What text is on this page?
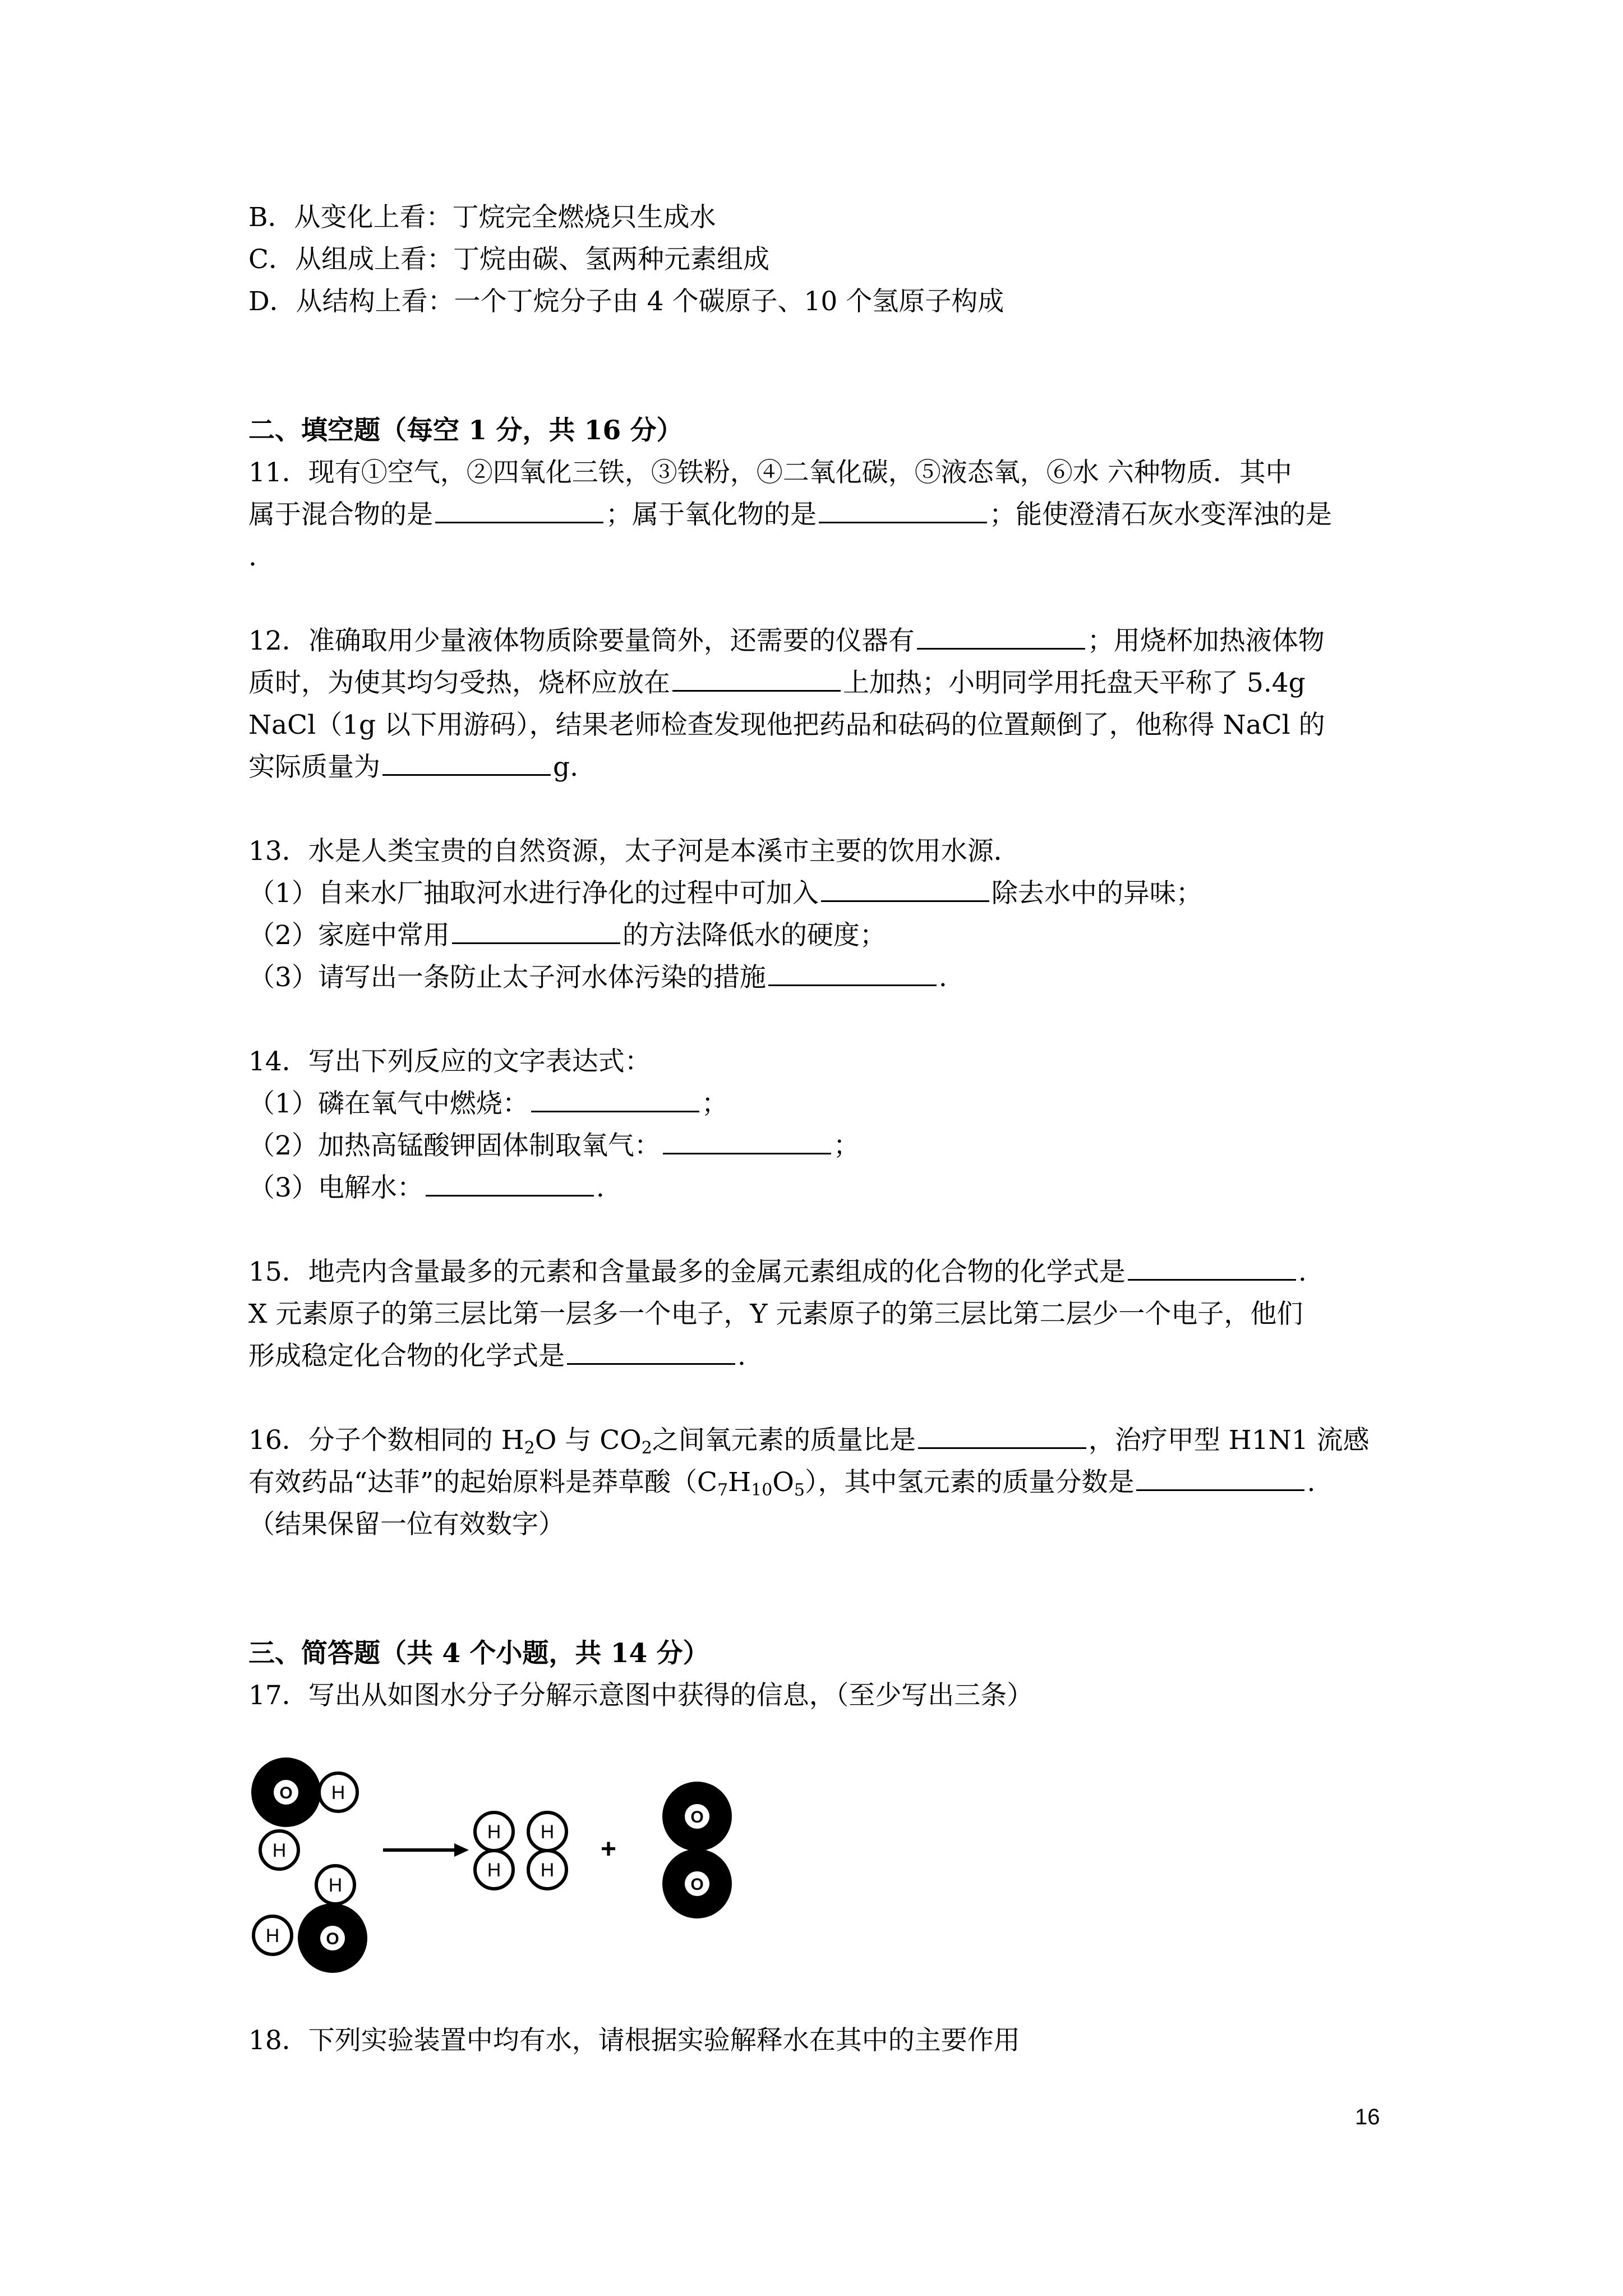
B．从变化上看：丁烷完全燃烧只生成水
C．从组成上看：丁烷由碳、氢两种元素组成
D．从结构上看：一个丁烷分子由 4 个碳原子、10 个氢原子构成
二、填空题（每空 1 分，共 16 分）
11．现有①空气，②四氧化三铁，③铁粉，④二氧化碳，⑤液态氧，⑥水 六种物质．其中
属于混合物的是	；属于氧化物的是	；能使澄清石灰水变浑浊的是
.
12．准确取用少量液体物质除要量筒外，还需要的仪器有	；用烧杯加热液体物
质时，为使其均匀受热，烧杯应放在	上加热；小明同学用托盘天平称了 5.4g
NaCl（1g 以下用游码），结果老师检查发现他把药品和砝码的位置颠倒了，他称得 NaCl 的
实际质量为	g.
13．水是人类宝贵的自然资源，太子河是本溪市主要的饮用水源．
（1）自来水厂抽取河水进行净化的过程中可加入	除去水中的异味；
（2）家庭中常用	的方法降低水的硬度；
（3）请写出一条防止太子河水体污染的措施	.
14．写出下列反应的文字表达式：
（1）磷在氧气中燃烧：	；
（2）加热高锰酸钾固体制取氧气：	；
（3）电解水：	.
15．地壳内含量最多的元素和含量最多的金属元素组成的化合物的化学式是	.
X 元素原子的第三层比第一层多一个电子，Y 元素原子的第三层比第二层少一个电子，他们
形成稳定化合物的化学式是	.
16．分子个数相同的 $H_2O$ 与 $CO_2$之间氧元素的质量比是	，治疗甲型 H1N1 流感
有效药品“达菲”的起始原料是莽草酸$(C_7H_{10}O_5)$，其中氢元素的质量分数是	.
（结果保留一位有效数字）
三、简答题（共 4 个小题，共 14 分）
17．写出从如图水分子分解示意图中获得的信息，（至少写出三条）
O H
H
H
H	O
H
H
H
H
+
O
O
18．下列实验装置中均有水，请根据实验解释水在其中的主要作用
16
